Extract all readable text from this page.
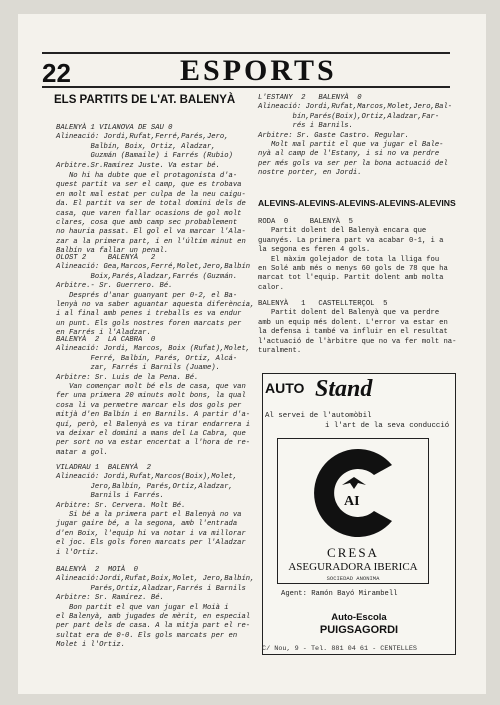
22	ESPORTS
ELS PARTITS DE L'AT. BALENYÀ
BALENYÀ 1 VILANOVA DE SAU 0
Alineació: Jordi,Rufat,Ferré,Parés,Jero,
Balbín, Boix, Ortiz, Aladzar,
Guzmán (Bamaile) i Farrés (Rubio)
Arbitre.Sr.Ramírez Juste. Va estar bé.
No hi ha dubte que el protagonista d'a-
quest partit va ser el camp, que es trobava
en molt mal estat per culpa de la neu caigu-
da. El partit va ser de total domini dels de
casa, que varen fallar ocasions de gol molt
clares, cosa que amb camp sec probablement
no hauria passat. El gol el va marcar l'Ala-
zar a la primera part, i en l'últim minut en
Balbín va fallar un penal.
OLOST 2     BALENYÀ   2
Alineació: Gea,Marcos,Ferré,Molet,Jero,Balbín
Boix,Parés,Aladzar,Farrés (Guzmán.
Arbitre.- Sr. Guerrero. Bé.
Després d'anar guanyant per 0-2, el Ba-
lenyà no va saber aguantar aquesta diferència,
i al final amb penes i treballs es va endur
un punt. Els gols nostres foren marcats per
en Farrés i l'Aladzar.
BALENYÀ  2  LA CABRA  0
Alineació: Jordi, Marcos, Boix (Rufat),Molet,
Ferré, Balbín, Parés, Ortiz, Alcá-
zar, Farrés i Barnils (Juame).
Arbitre: Sr. Luis de la Pena. Bé.
Van començar molt bé els de casa, que van
fer una primera 20 minuts molt bons, la qual
cosa li va permetre marcar els dos gols per
mitjà d'en Balbín i en Barnils. A partir d'a-
quí, però, el Balenyà es va tirar endarrera i
va deixar el domini a mans del La Cabra, que
per sort no va estar encertat a l'hora de re-
matar a gol.
VILADRAU 1  BALENYÀ  2
Alineació: Jordi,Rufat,Marcos(Boix),Molet,
Jero,Balbín, Parés,Ortiz,Aladzar,
Barnils i Farrés.
Arbitre: Sr. Cervera. Molt Bé.
Si bé a la primera part el Balenyà no va
jugar gaire bé, a la segona, amb l'entrada
d'en Boix, l'equip hi va notar i va millorar
el joc. Els gols foren marcats per l'Aladzar
i l'Ortiz.
BALENYÀ  2  MOIÀ  0
Alineació:Jordi,Rufat,Boix,Molet, Jero,Balbín,
Parés,Ortiz,Aladzar,Farrés i Barnils
Arbitre: Sr. Ramírez. Bé.
Bon partit el que van jugar el Moià i
el Balenyà, amb jugades de mèrit, en especial
per part dels de casa. A la mitja part el re-
sultat era de 0-0. Els gols marcats per en
Molet i l'Ortiz.
L'ESTANY  2   BALENYÀ  0
Alineació: Jordi,Rufat,Marcos,Molet,Jero,Bal-
bín,Parés(Boix),Ortiz,Aladzar,Far-
rés i Barnils.
Arbitre: Sr. Gaste Castro. Regular.
Molt mal partit el que va jugar el Bale-
nyà al camp de l'Estany, i si no va perdre
per més gols va ser per la bona actuació del
nostre porter, en Jordi.
ALEVINS-ALEVINS-ALEVINS-ALEVINS-ALEVINS
RODA  0     BALENYÀ  5
Partit dolent del Balenyà encara que
guanyés. La primera part va acabar 0-1, i a
la segona es feren 4 gols.
El màxim golejador de tota la lliga fou
en Solé amb més o menys 60 gols de 78 que ha
marcat tot l'equip. Partit dolent amb molta
calor.
BALENYÀ   1   CASTELLTERÇOL  5
Partit dolent del Balenyà que va perdre
amb un equip més dolent. L'error va estar en
la defensa i també va influir en el resultat
l'actuació de l'àrbitre que no va fer molt na-
turalment.
AUTO Stand
Al servei de l'automòbil
i l'art de la seva conducció
AI
CRESA
ASEGURADORA IBERICA
SOCIEDAD ANONIMA
Agent: Ramón Bayó Mirambell
Auto-Escola
PUIGSAGORDI
C/ Nou, 9 - Tel. 881 04 61 - CENTELLES
